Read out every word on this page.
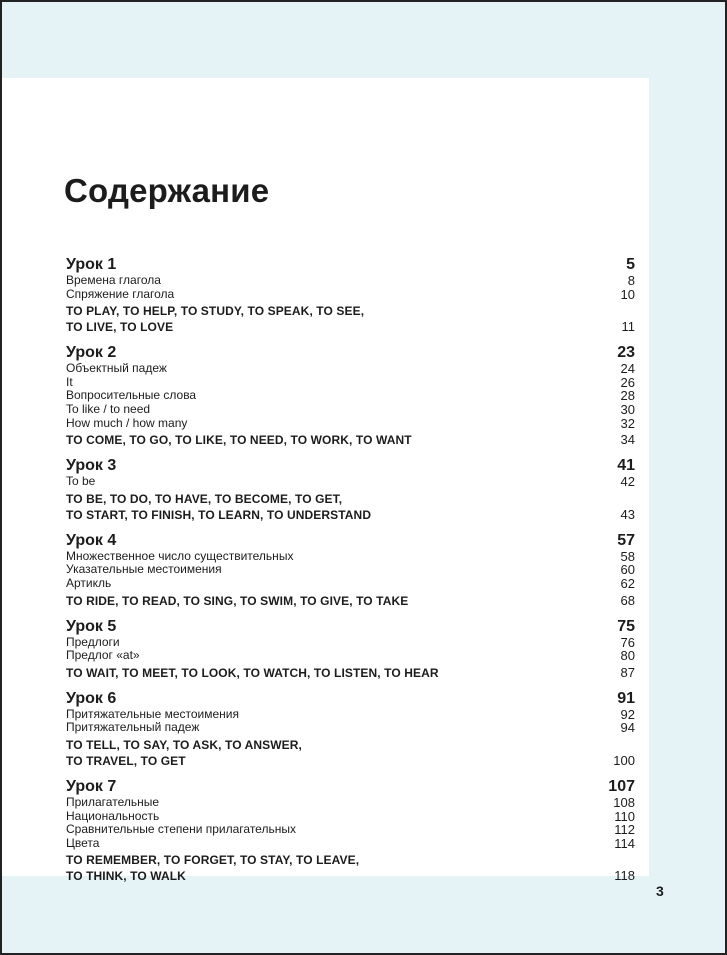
Содержание
Урок 1	5
Времена глагола	8
Спряжение глагола	10
TO PLAY, TO HELP, TO STUDY, TO SPEAK, TO SEE,
TO LIVE, TO LOVE	11
Урок 2	23
Объектный падеж	24
It	26
Вопросительные слова	28
To like / to need	30
How much / how many	32
TO COME, TO GO, TO LIKE, TO NEED, TO WORK, TO WANT	34
Урок 3	41
To be	42
TO BE, TO DO, TO HAVE, TO BECOME, TO GET,
TO START, TO FINISH, TO LEARN, TO UNDERSTAND	43
Урок 4	57
Множественное число существительных	58
Указательные местоимения	60
Артикль	62
TO RIDE, TO READ, TO SING, TO SWIM, TO GIVE, TO TAKE	68
Урок 5	75
Предлоги	76
Предлог «at»	80
TO WAIT, TO MEET, TO LOOK, TO WATCH, TO LISTEN, TO HEAR	87
Урок 6	91
Притяжательные местоимения	92
Притяжательный падеж	94
TO TELL, TO SAY, TO ASK, TO ANSWER,
TO TRAVEL, TO GET	100
Урок 7	107
Прилагательные	108
Национальность	110
Сравнительные степени прилагательных	112
Цвета	114
TO REMEMBER, TO FORGET, TO STAY, TO LEAVE,
TO THINK, TO WALK	118
3
